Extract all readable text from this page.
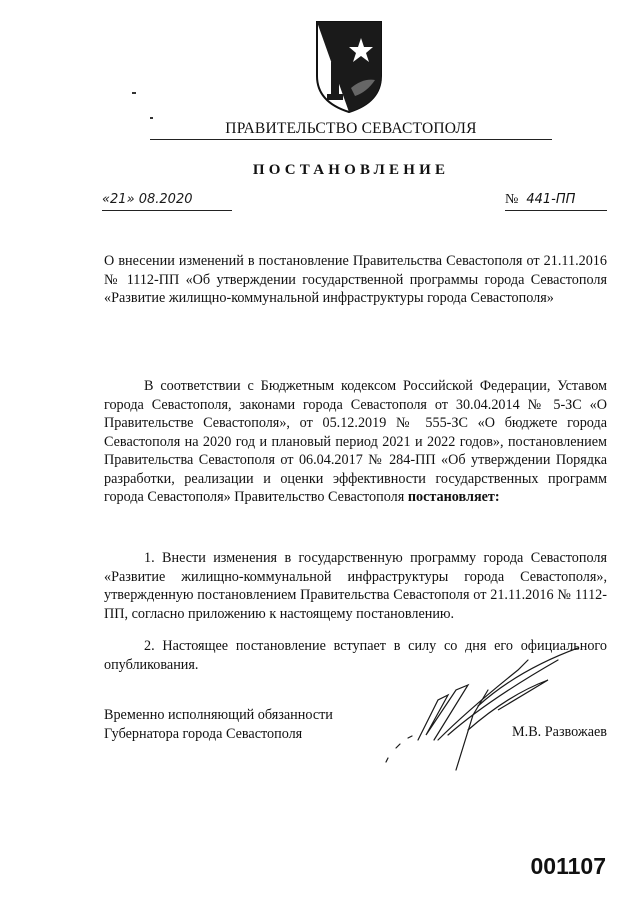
ПРАВИТЕЛЬСТВО СЕВАСТОПОЛЯ
ПОСТАНОВЛЕНИЕ
«21» 08.2020	№ 441-ПП
О внесении изменений в постановление Правительства Севастополя от 21.11.2016 № 1112-ПП «Об утверждении государственной программы города Севастополя «Развитие жилищно-коммунальной инфраструктуры города Севастополя»
В соответствии с Бюджетным кодексом Российской Федерации, Уставом города Севастополя, законами города Севастополя от 30.04.2014 № 5-ЗС «О Правительстве Севастополя», от 05.12.2019 № 555-ЗС «О бюджете города Севастополя на 2020 год и плановый период 2021 и 2022 годов», постановлением Правительства Севастополя от 06.04.2017 № 284-ПП «Об утверждении Порядка разработки, реализации и оценки эффективности государственных программ города Севастополя» Правительство Севастополя постановляет:
1. Внести изменения в государственную программу города Севастополя «Развитие жилищно-коммунальной инфраструктуры города Севастополя», утвержденную постановлением Правительства Севастополя от 21.11.2016 № 1112-ПП, согласно приложению к настоящему постановлению.
2. Настоящее постановление вступает в силу со дня его официального опубликования.
Временно исполняющий обязанности
Губернатора города Севастополя	М.В. Развожаев
001107
